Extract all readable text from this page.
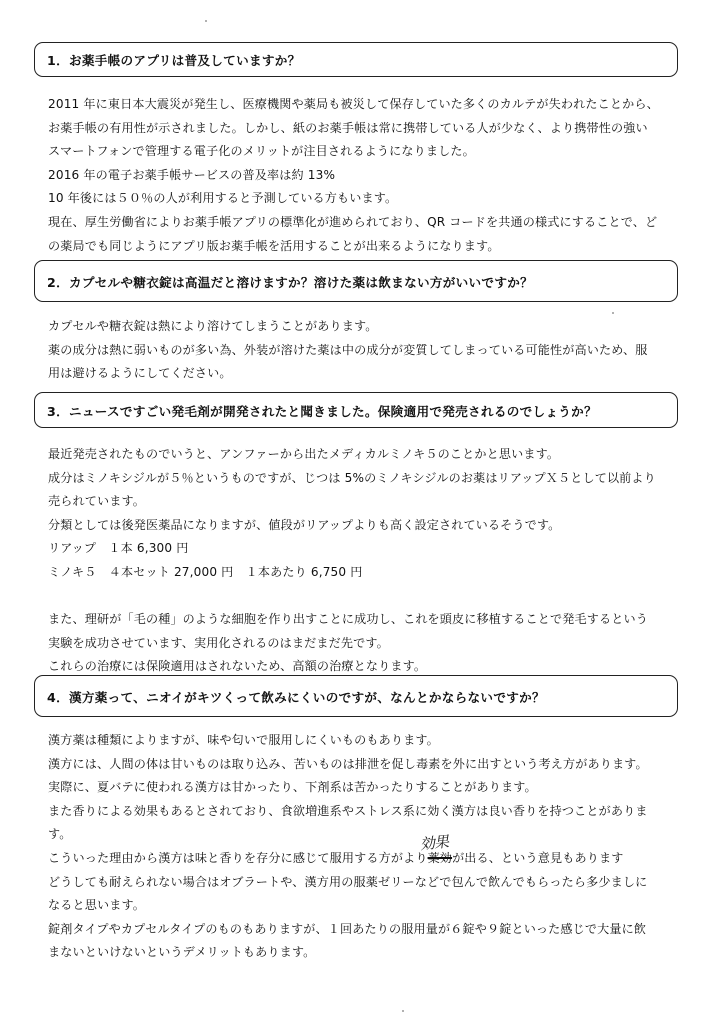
1．お薬手帳のアプリは普及していますか？
2011 年に東日本大震災が発生し、医療機関や薬局も被災して保存していた多くのカルテが失われたことから、
お薬手帳の有用性が示されました。しかし、紙のお薬手帳は常に携帯している人が少なく、より携帯性の強い
スマートフォンで管理する電子化のメリットが注目されるようになりました。
2016 年の電子お薬手帳サービスの普及率は約 13%
10 年後には５０％の人が利用すると予測している方もいます。
現在、厚生労働省によりお薬手帳アプリの標準化が進められており、QR コードを共通の様式にすることで、ど
の薬局でも同じようにアプリ版お薬手帳を活用することが出来るようになります。
2．カプセルや糖衣錠は高温だと溶けますか？溶けた薬は飲まない方がいいですか？
カプセルや糖衣錠は熱により溶けてしまうことがあります。
薬の成分は熱に弱いものが多い為、外装が溶けた薬は中の成分が変質してしまっている可能性が高いため、服
用は避けるようにしてください。
3．ニュースですごい発毛剤が開発されたと聞きました。保険適用で発売されるのでしょうか？
最近発売されたものでいうと、アンファーから出たメディカルミノキ５のことかと思います。
成分はミノキシジルが５％というものですが、じつは 5%のミノキシジルのお薬はリアップＸ５として以前より
売られています。
分類としては後発医薬品になりますが、値段がリアップよりも高く設定されているそうです。
リアップ　１本 6,300 円
ミノキ５　４本セット 27,000 円　１本あたり 6,750 円
また、理研が「毛の種」のような細胞を作り出すことに成功し、これを頭皮に移植することで発毛するという
実験を成功させています、実用化されるのはまだまだ先です。
これらの治療には保険適用はされないため、高額の治療となります。
4．漢方薬って、ニオイがキツくって飲みにくいのですが、なんとかならないですか？
漢方薬は種類によりますが、味や匂いで服用しにくいものもあります。
漢方には、人間の体は甘いものは取り込み、苦いものは排泄を促し毒素を外に出すという考え方があります。
実際に、夏バテに使われる漢方は甘かったり、下剤系は苦かったりすることがあります。
また香りによる効果もあるとされており、食欲増進系やストレス系に効く漢方は良い香りを持つことがありま
す。
こういった理由から漢方は味と香りを存分に感じて服用する方がより薬効
効果
が出る、という意見もあります
どうしても耐えられない場合はオブラートや、漢方用の服薬ゼリーなどで包んで飲んでもらったら多少ましに
なると思います。
錠剤タイプやカプセルタイプのものもありますが、１回あたりの服用量が６錠や９錠といった感じで大量に飲
まないといけないというデメリットもあります。
